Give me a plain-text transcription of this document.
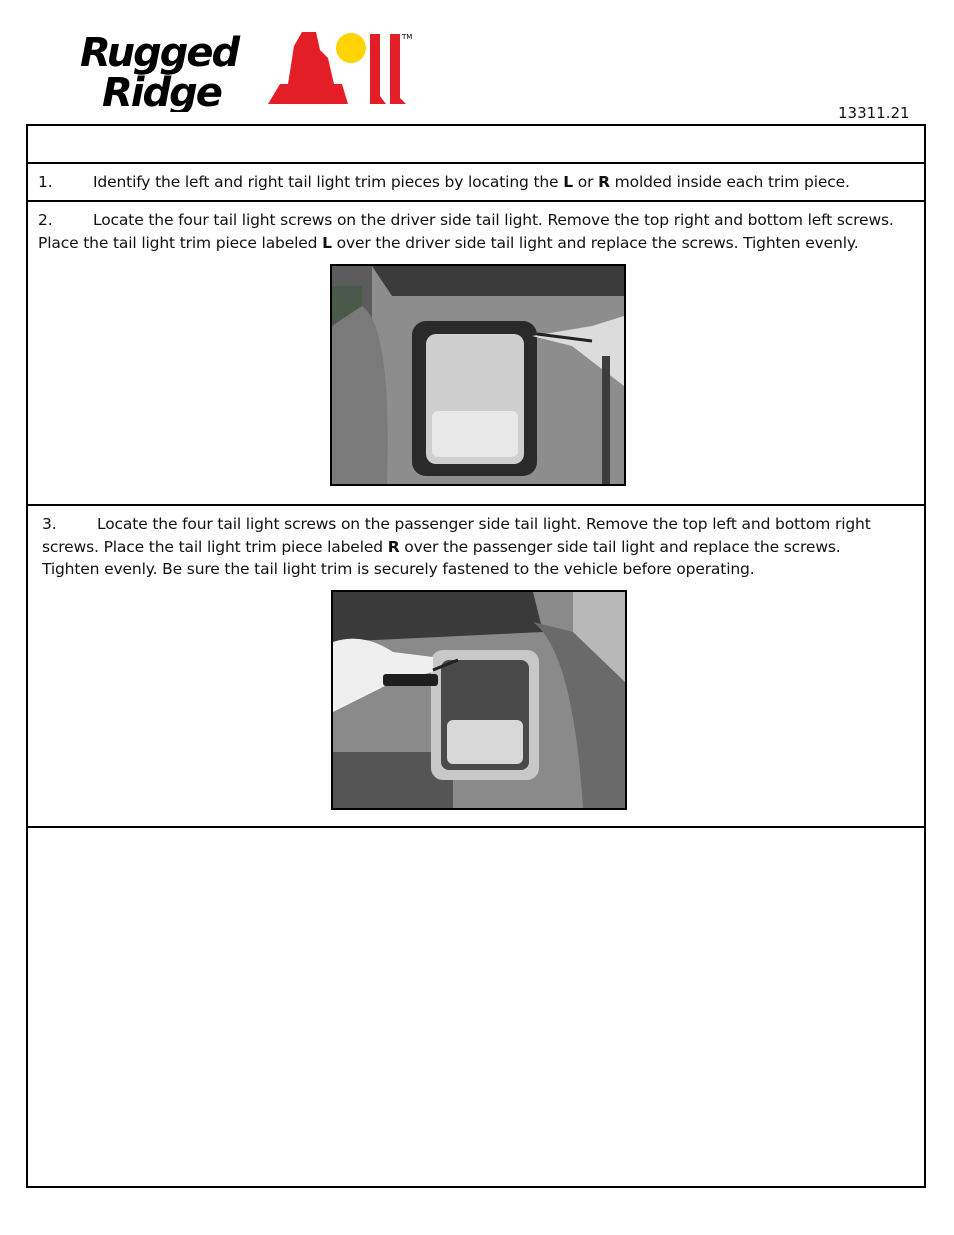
Rugged
Ridge
TM
13311.21
1.	Identify the left and right tail light trim pieces by locating the L or R molded inside each trim piece.
2.	Locate the four tail light screws on the driver side tail light. Remove the top right and bottom left screws.
Place the tail light trim piece labeled L over the driver side tail light and replace the screws. Tighten evenly.
3.	Locate the four tail light screws on the passenger side tail light. Remove the top left and bottom right
screws. Place the tail light trim piece labeled R over the passenger side tail light and replace the screws.
Tighten evenly. Be sure the tail light trim is securely fastened to the vehicle before operating.
